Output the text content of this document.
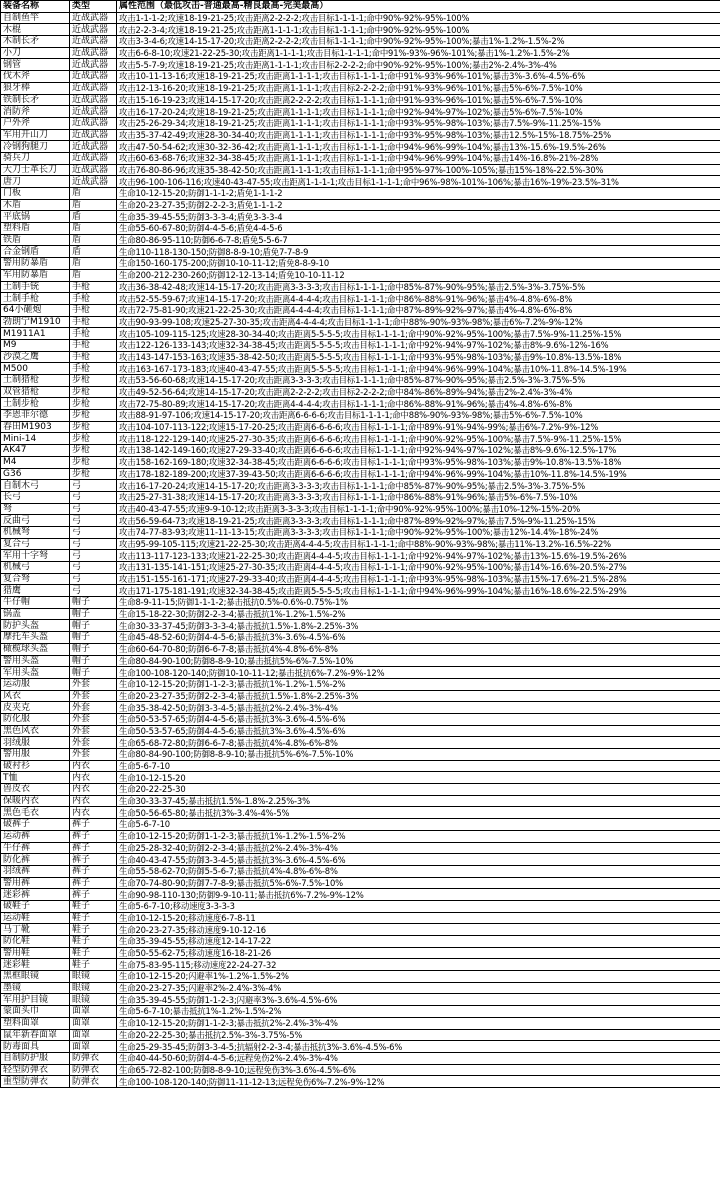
装备名称	类型	属性范围（最低攻击-普通最高-精良最高-完美最高）
自制鱼竿	近战武器	攻击1-1-1-2;攻速18-19-21-25;攻击距离2-2-2-2;攻击目标1-1-1-1;命中90%-92%-95%-100%
木棍	近战武器	攻击2-2-3-4;攻速18-19-21-25;攻击距离1-1-1-1;攻击目标1-1-1-1;命中90%-92%-95%-100%
木制长矛	近战武器	攻击3-3-4-6;攻速14-15-17-20;攻击距离2-2-2-2;攻击目标1-1-1-1;命中90%-92%-95%-100%;暴击1%-1.2%-1.5%-2%
小刀	近战武器	攻击6-6-8-10;攻速21-22-25-30;攻击距离1-1-1-1;攻击目标1-1-1-1;命中91%-93%-96%-101%;暴击1%-1.2%-1.5%-2%
钢管	近战武器	攻击5-5-7-9;攻速18-19-21-25;攻击距离1-1-1-1;攻击目标2-2-2-2;命中90%-92%-95%-100%;暴击2%-2.4%-3%-4%
伐木斧	近战武器	攻击10-11-13-16;攻速18-19-21-25;攻击距离1-1-1-1;攻击目标1-1-1-1;命中91%-93%-96%-101%;暴击3%-3.6%-4.5%-6%
狼牙棒	近战武器	攻击12-13-16-20;攻速18-19-21-25;攻击距离1-1-1-1;攻击目标2-2-2-2;命中91%-93%-96%-101%;暴击5%-6%-7.5%-10%
铁制长矛	近战武器	攻击15-16-19-23;攻速14-15-17-20;攻击距离2-2-2-2;攻击目标1-1-1-1;命中91%-93%-96%-101%;暴击5%-6%-7.5%-10%
消防斧	近战武器	攻击16-17-20-24;攻速18-19-21-25;攻击距离1-1-1-1;攻击目标1-1-1-1;命中92%-94%-97%-102%;暴击5%-6%-7.5%-10%
户外斧	近战武器	攻击25-26-29-34;攻速18-19-21-25;攻击距离1-1-1-1;攻击目标1-1-1-1;命中93%-95%-98%-103%;暴击7.5%-9%-11.25%-15%
军用开山刀	近战武器	攻击35-37-42-49;攻速28-30-34-40;攻击距离1-1-1-1;攻击目标1-1-1-1;命中93%-95%-98%-103%;暴击12.5%-15%-18.75%-25%
冷钢狗腿刀	近战武器	攻击47-50-54-62;攻速30-32-36-42;攻击距离1-1-1-1;攻击目标1-1-1-1;命中94%-96%-99%-104%;暴击13%-15.6%-19.5%-26%
骑兵刀	近战武器	攻击60-63-68-76;攻速32-34-38-45;攻击距离1-1-1-1;攻击目标1-1-1-1;命中94%-96%-99%-104%;暴击14%-16.8%-21%-28%
大刀士革长刀	近战武器	攻击76-80-86-96;攻速35-38-42-50;攻击距离1-1-1-1;攻击目标1-1-1-1;命中95%-97%-100%-105%;暴击15%-18%-22.5%-30%
唐刀	近战武器	攻击96-100-106-116;攻速40-43-47-55;攻击距离1-1-1-1;攻击目标1-1-1-1;命中96%-98%-101%-106%;暴击16%-19%-23.5%-31%
门板	盾	生命10-12-15-20;防御1-1-1-2;盾免1-1-1-2
木盾	盾	生命20-23-27-35;防御2-2-2-3;盾免1-1-1-2
平底锅	盾	生命35-39-45-55;防御3-3-3-4;盾免3-3-3-4
塑料盾	盾	生命55-60-67-80;防御4-4-5-6;盾免4-4-5-6
铁盾	盾	生命80-86-95-110;防御6-6-7-8;盾免5-5-6-7
合金钢盾	盾	生命110-118-130-150;防御8-8-9-10;盾免7-7-8-9
警用防暴盾	盾	生命150-160-175-200;防御10-10-11-12;盾免8-8-9-10
军用防暴盾	盾	生命200-212-230-260;防御12-12-13-14;盾免10-10-11-12
土制手铳	手枪	攻击36-38-42-48;攻速14-15-17-20;攻击距离3-3-3-3;攻击目标1-1-1-1;命中85%-87%-90%-95%;暴击2.5%-3%-3.75%-5%
土制手枪	手枪	攻击52-55-59-67;攻速14-15-17-20;攻击距离4-4-4-4;攻击目标1-1-1-1;命中86%-88%-91%-96%;暴击4%-4.8%-6%-8%
64小砸炮	手枪	攻击72-75-81-90;攻速21-22-25-30;攻击距离4-4-4-4;攻击目标1-1-1-1;命中87%-89%-92%-97%;暴击4%-4.8%-6%-8%
勃朗宁M1910	手枪	攻击90-93-99-108;攻速25-27-30-35;攻击距离4-4-4-4;攻击目标1-1-1-1;命中88%-90%-93%-98%;暴击6%-7.2%-9%-12%
M1911A1	手枪	攻击105-109-115-125;攻速28-30-34-40;攻击距离5-5-5-5;攻击目标1-1-1-1;命中90%-92%-95%-100%;暴击7.5%-9%-11.25%-15%
M9	手枪	攻击122-126-133-143;攻速32-34-38-45;攻击距离5-5-5-5;攻击目标1-1-1-1;命中92%-94%-97%-102%;暴击8%-9.6%-12%-16%
沙漠之鹰	手枪	攻击143-147-153-163;攻速35-38-42-50;攻击距离5-5-5-5;攻击目标1-1-1-1;命中93%-95%-98%-103%;暴击9%-10.8%-13.5%-18%
M500	手枪	攻击163-167-173-183;攻速40-43-47-55;攻击距离5-5-5-5;攻击目标1-1-1-1;命中94%-96%-99%-104%;暴击10%-11.8%-14.5%-19%
土制猎枪	步枪	攻击53-56-60-68;攻速14-15-17-20;攻击距离3-3-3-3;攻击目标1-1-1-1;命中85%-87%-90%-95%;暴击2.5%-3%-3.75%-5%
双管猎枪	步枪	攻击49-52-56-64;攻速14-15-17-20;攻击距离2-2-2-2;攻击目标2-2-2-2;命中84%-86%-89%-94%;暴击2%-2.4%-3%-4%
土制步枪	步枪	攻击72-75-80-89;攻速14-15-17-20;攻击距离4-4-4-4;攻击目标1-1-1-1;命中86%-88%-91%-96%;暴击4%-4.8%-6%-8%
李恩菲尔德	步枪	攻击88-91-97-106;攻速14-15-17-20;攻击距离6-6-6-6;攻击目标1-1-1-1;命中88%-90%-93%-98%;暴击5%-6%-7.5%-10%
春田M1903	步枪	攻击104-107-113-122;攻速15-17-20-25;攻击距离6-6-6-6;攻击目标1-1-1-1;命中89%-91%-94%-99%;暴击6%-7.2%-9%-12%
Mini-14	步枪	攻击118-122-129-140;攻速25-27-30-35;攻击距离6-6-6-6;攻击目标1-1-1-1;命中90%-92%-95%-100%;暴击7.5%-9%-11.25%-15%
AK47	步枪	攻击138-142-149-160;攻速27-29-33-40;攻击距离6-6-6-6;攻击目标1-1-1-1;命中92%-94%-97%-102%;暴击8%-9.6%-12.5%-17%
M4	步枪	攻击158-162-169-180;攻速32-34-38-45;攻击距离6-6-6-6;攻击目标1-1-1-1;命中93%-95%-98%-103%;暴击9%-10.8%-13.5%-18%
G36	步枪	攻击178-182-189-200;攻速37-39-43-50;攻击距离6-6-6-6;攻击目标1-1-1-1;命中94%-96%-99%-104%;暴击10%-11.8%-14.5%-19%
自制木弓	弓	攻击16-17-20-24;攻速14-15-17-20;攻击距离3-3-3-3;攻击目标1-1-1-1;命中85%-87%-90%-95%;暴击2.5%-3%-3.75%-5%
长弓	弓	攻击25-27-31-38;攻速14-15-17-20;攻击距离3-3-3-3;攻击目标1-1-1-1;命中86%-88%-91%-96%;暴击5%-6%-7.5%-10%
弩	弓	攻击40-43-47-55;攻速9-9-10-12;攻击距离3-3-3-3;攻击目标1-1-1-1;命中90%-92%-95%-100%;暴击10%-12%-15%-20%
反曲弓	弓	攻击56-59-64-73;攻速18-19-21-25;攻击距离3-3-3-3;攻击目标1-1-1-1;命中87%-89%-92%-97%;暴击7.5%-9%-11.25%-15%
机械弩	弓	攻击74-77-83-93;攻速11-11-13-15;攻击距离3-3-3-3;攻击目标1-1-1-1;命中90%-92%-95%-100%;暴击12%-14.4%-18%-24%
复合弓	弓	攻击95-99-105-115;攻速21-22-25-30;攻击距离4-4-4-5;攻击目标1-1-1-1;命中88%-90%-93%-98%;暴击11%-13.2%-16.5%-22%
军用十字弩	弓	攻击113-117-123-133;攻速21-22-25-30;攻击距离4-4-4-5;攻击目标1-1-1-1;命中92%-94%-97%-102%;暴击13%-15.6%-19.5%-26%
机械弓	弓	攻击131-135-141-151;攻速25-27-30-35;攻击距离4-4-4-5;攻击目标1-1-1-1;命中90%-92%-95%-100%;暴击14%-16.6%-20.5%-27%
复合弩	弓	攻击151-155-161-171;攻速27-29-33-40;攻击距离4-4-4-5;攻击目标1-1-1-1;命中93%-95%-98%-103%;暴击15%-17.6%-21.5%-28%
猎鹰	弓	攻击171-175-181-191;攻速32-34-38-45;攻击距离5-5-5-5;攻击目标1-1-1-1;命中94%-96%-99%-104%;暴击16%-18.6%-22.5%-29%
牛仔帽	帽子	生命8-9-11-15;防御1-1-1-2;暴击抵抗0.5%-0.6%-0.75%-1%
锅盖	帽子	生命15-18-22-30;防御2-2-3-4;暴击抵抗1%-1.2%-1.5%-2%
防护头盔	帽子	生命30-33-37-45;防御3-3-3-4;暴击抵抗1.5%-1.8%-2.25%-3%
摩托车头盔	帽子	生命45-48-52-60;防御4-4-5-6;暴击抵抗3%-3.6%-4.5%-6%
橄榄球头盔	帽子	生命60-64-70-80;防御6-6-7-8;暴击抵抗4%-4.8%-6%-8%
警用头盔	帽子	生命80-84-90-100;防御8-8-9-10;暴击抵抗5%-6%-7.5%-10%
军用头盔	帽子	生命100-108-120-140;防御10-10-11-12;暴击抵抗6%-7.2%-9%-12%
运动服	外套	生命10-12-15-20;防御1-1-2-3;暴击抵抗1%-1.2%-1.5%-2%
风衣	外套	生命20-23-27-35;防御2-2-3-4;暴击抵抗1.5%-1.8%-2.25%-3%
皮夹克	外套	生命35-38-42-50;防御3-3-4-5;暴击抵抗2%-2.4%-3%-4%
防化服	外套	生命50-53-57-65;防御4-4-5-6;暴击抵抗3%-3.6%-4.5%-6%
黑色风衣	外套	生命50-53-57-65;防御4-4-5-6;暴击抵抗3%-3.6%-4.5%-6%
羽绒服	外套	生命65-68-72-80;防御6-6-7-8;暴击抵抗4%-4.8%-6%-8%
警用服	外套	生命80-84-90-100;防御8-8-9-10;暴击抵抗5%-6%-7.5%-10%
破衬衫	内衣	生命5-6-7-10
T恤	内衣	生命10-12-15-20
兽皮衣	内衣	生命20-22-25-30
保暖内衣	内衣	生命30-33-37-45;暴击抵抗1.5%-1.8%-2.25%-3%
黑色毛衣	内衣	生命50-56-65-80;暴击抵抗3%-3.4%-4%-5%
破裤子	裤子	生命5-6-7-10
运动裤	裤子	生命10-12-15-20;防御1-1-2-3;暴击抵抗1%-1.2%-1.5%-2%
牛仔裤	裤子	生命25-28-32-40;防御2-2-3-4;暴击抵抗2%-2.4%-3%-4%
防化裤	裤子	生命40-43-47-55;防御3-3-4-5;暴击抵抗3%-3.6%-4.5%-6%
羽绒裤	裤子	生命55-58-62-70;防御5-5-6-7;暴击抵抗4%-4.8%-6%-8%
警用裤	裤子	生命70-74-80-90;防御7-7-8-9;暴击抵抗5%-6%-7.5%-10%
迷彩裤	裤子	生命90-98-110-130;防御9-9-10-11;暴击抵抗6%-7.2%-9%-12%
破鞋子	鞋子	生命5-6-7-10;移动速度3-3-3-3
运动鞋	鞋子	生命10-12-15-20;移动速度6-7-8-11
马丁靴	鞋子	生命20-23-27-35;移动速度9-10-12-16
防化鞋	鞋子	生命35-39-45-55;移动速度12-14-17-22
警用鞋	鞋子	生命50-55-62-75;移动速度16-18-21-26
迷彩鞋	鞋子	生命75-83-95-115;移动速度22-24-27-32
黑框眼镜	眼镜	生命10-12-15-20;闪避率1%-1.2%-1.5%-2%
墨镜	眼镜	生命20-23-27-35;闪避率2%-2.4%-3%-4%
军用护目镜	眼镜	生命35-39-45-55;防御1-1-2-3;闪避率3%-3.6%-4.5%-6%
蒙面头巾	面罩	生命5-6-7-10;暴击抵抗1%-1.2%-1.5%-2%
塑料面罩	面罩	生命10-12-15-20;防御1-1-2-3;暴击抵抗2%-2.4%-3%-4%
鼠年新春面罩	面罩	生命20-22-25-30;暴击抵抗2.5%-3%-3.75%-5%
防毒面具	面罩	生命25-29-35-45;防御3-3-4-5;抗辐射2-2-3-4;暴击抵抗3%-3.6%-4.5%-6%
自制防护服	防弹衣	生命40-44-50-60;防御4-4-5-6;远程免伤2%-2.4%-3%-4%
轻型防弹衣	防弹衣	生命65-72-82-100;防御8-8-9-10;远程免伤3%-3.6%-4.5%-6%
重型防弹衣	防弹衣	生命100-108-120-140;防御11-11-12-13;远程免伤6%-7.2%-9%-12%
